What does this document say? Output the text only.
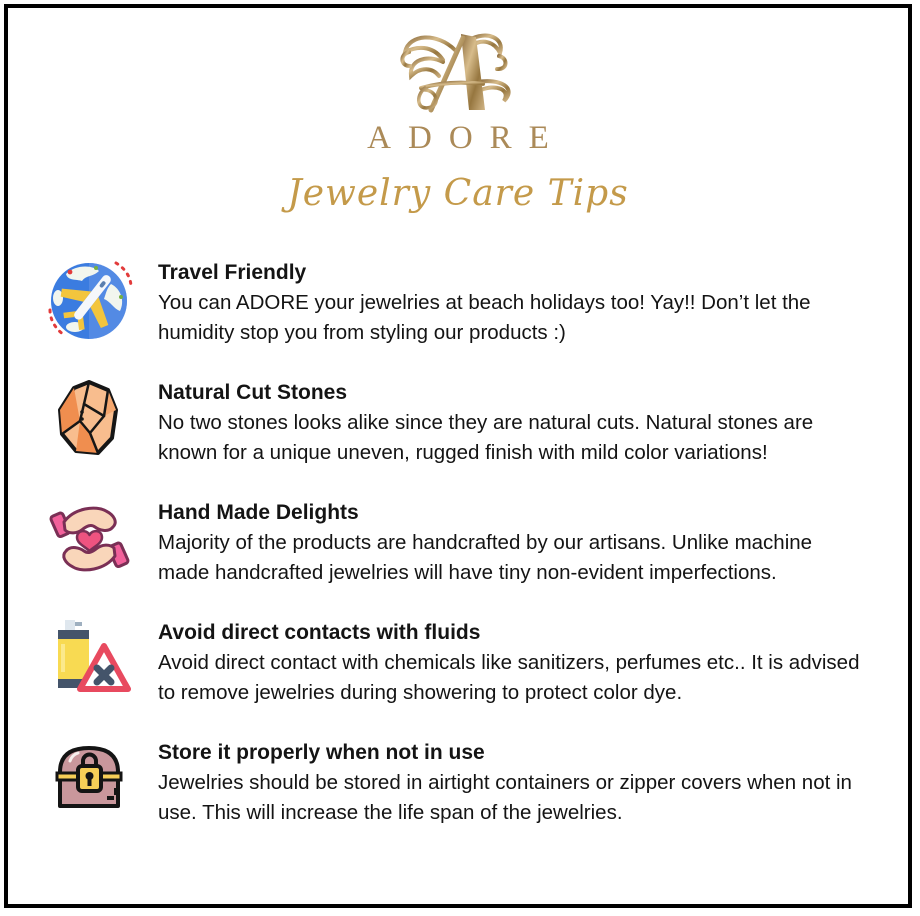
ADORE
Jewelry Care Tips
Travel Friendly
You can ADORE your jewelries at beach holidays too! Yay!! Don’t let the humidity stop you from styling our products :)
Natural Cut Stones
No two stones looks alike since they are natural cuts. Natural stones are known for a unique uneven, rugged finish with mild color variations!
Hand Made Delights
Majority of the products are handcrafted by our artisans. Unlike machine made handcrafted jewelries will have tiny non-evident imperfections.
Avoid direct contacts with fluids
Avoid direct contact with chemicals like sanitizers, perfumes etc.. It is advised to remove jewelries during showering to protect color dye.
Store it properly when not in use
Jewelries should be stored in airtight containers or zipper covers when not in use. This will increase the life span of the jewelries.
